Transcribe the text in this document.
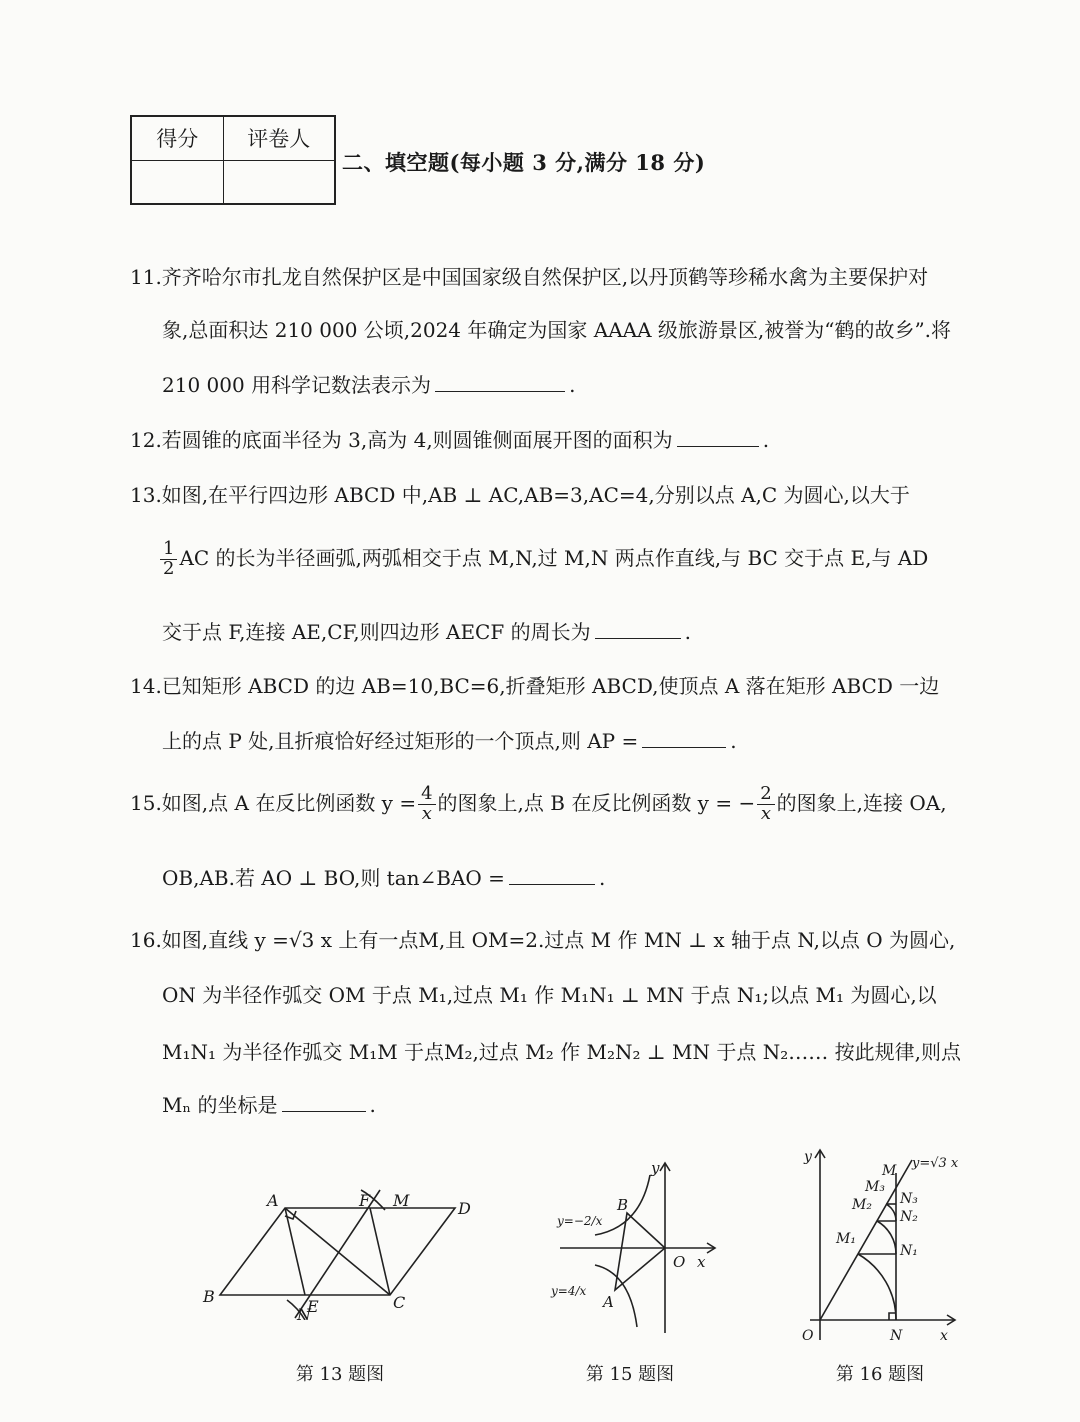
得分	评卷人

二、填空题(每小题 3 分,满分 18 分)
11.齐齐哈尔市扎龙自然保护区是中国国家级自然保护区,以丹顶鹤等珍稀水禽为主要保护对
象,总面积达 210 000 公顷,2024 年确定为国家 AAAA 级旅游景区,被誉为“鹤的故乡”.将
210 000 用科学记数法表示为	.
12.若圆锥的底面半径为 3,高为 4,则圆锥侧面展开图的面积为	.
13.如图,在平行四边形 ABCD 中,AB ⊥ AC,AB=3,AC=4,分别以点 A,C 为圆心,以大于
$\frac{1}{2}$ AC 的长为半径画弧,两弧相交于点 M,N,过 M,N 两点作直线,与 BC 交于点 E,与 AD
交于点 F,连接 AE,CF,则四边形 AECF 的周长为	.
14.已知矩形 ABCD 的边 AB=10,BC=6,折叠矩形 ABCD,使顶点 A 落在矩形 ABCD 一边
上的点 P 处,且折痕恰好经过矩形的一个顶点,则 AP =	.
15.如图,点 A 在反比例函数 $y = \frac{4}{x}$ 的图象上,点 B 在反比例函数 y = − $\frac{2}{x}$ 的图象上,连接 OA,
OB,AB.若 AO ⊥ BO,则 tan∠BAO =	.
16.如图,直线 y =√3 x 上有一点M,且 OM=2.过点 M 作 MN ⊥ x 轴于点 N,以点 O 为圆心,
ON 为半径作弧交 OM 于点 M₁,过点 M₁ 作 M₁N₁ ⊥ MN 于点 N₁;以点 M₁ 为圆心,以
M₁N₁ 为半径作弧交 M₁M 于点M₂,过点 M₂ 作 M₂N₂ ⊥ MN 于点 N₂…… 按此规律,则点
Mₙ 的坐标是	.
A
B	C
D
E
F M
N
第 13 题图
O x
y
B
A
y=−2/x
y=4/x
第 15 题图
y
x
O	N
M
M₁
M₂
M₃
N₁
N₂
N₃
y=√3 x
第 16 题图
